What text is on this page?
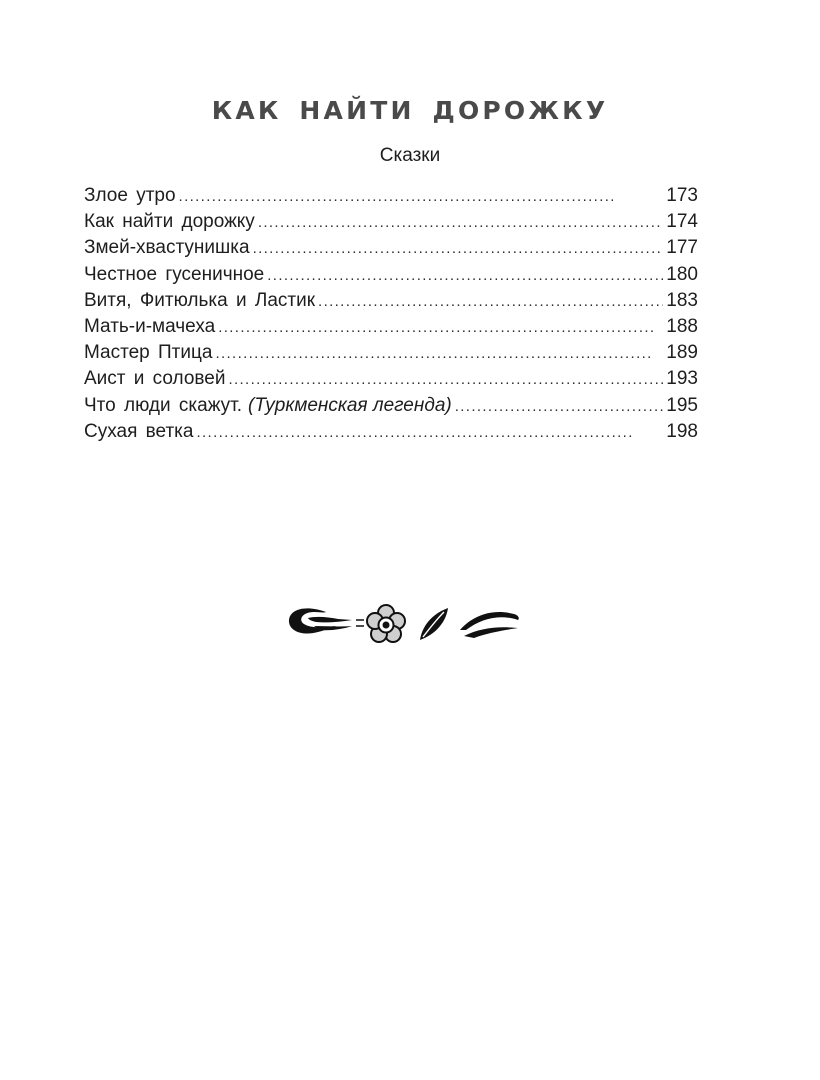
КАК НАЙТИ ДОРОЖКУ
Сказки
Злое утро . . .	173
Как найти дорожку . . .	174
Змей-хвастунишка . . .	177
Честное гусеничное . . .	180
Витя, Фитюлька и Ластик . . .	183
Мать-и-мачеха . . .	188
Мастер Птица . . .	189
Аист и соловей . . .	193
Что люди скажут. (Туркменская легенда) . . .	195
Сухая ветка . . .	198
